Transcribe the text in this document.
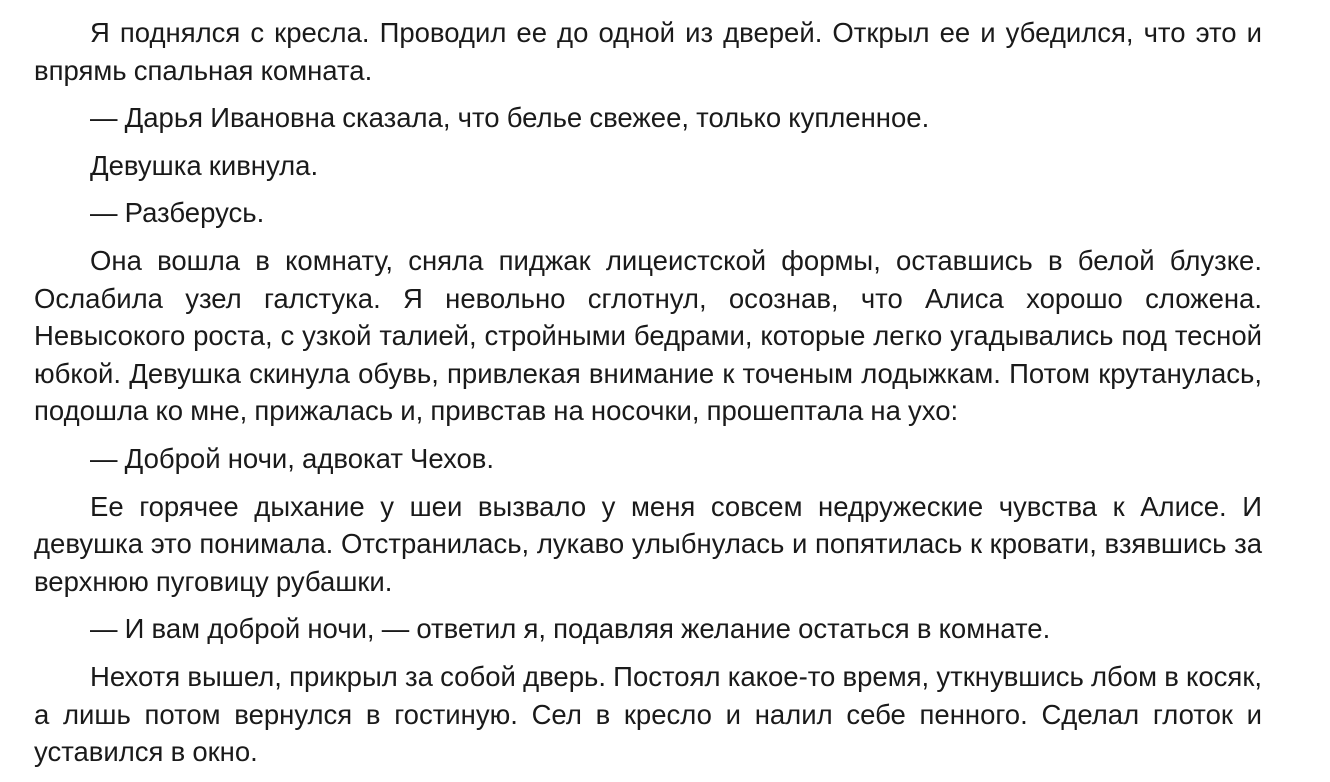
Я поднялся с кресла. Проводил ее до одной из дверей. Открыл ее и убедился, что это и впрямь спальная комната.

— Дарья Ивановна сказала, что белье свежее, только купленное.

Девушка кивнула.

— Разберусь.

Она вошла в комнату, сняла пиджак лицеистской формы, оставшись в белой блузке. Ослабила узел галстука. Я невольно сглотнул, осознав, что Алиса хорошо сложена. Невысокого роста, с узкой талией, стройными бедрами, которые легко угадывались под тесной юбкой. Девушка скинула обувь, привлекая внимание к точеным лодыжкам. Потом крутанулась, подошла ко мне, прижалась и, привстав на носочки, прошептала на ухо:

— Доброй ночи, адвокат Чехов.

Ее горячее дыхание у шеи вызвало у меня совсем недружеские чувства к Алисе. И девушка это понимала. Отстранилась, лукаво улыбнулась и попятилась к кровати, взявшись за верхнюю пуговицу рубашки.

— И вам доброй ночи, — ответил я, подавляя желание остаться в комнате.

Нехотя вышел, прикрыл за собой дверь. Постоял какое-то время, уткнувшись лбом в косяк, а лишь потом вернулся в гостиную. Сел в кресло и налил себе пенного. Сделал глоток и уставился в окно.
